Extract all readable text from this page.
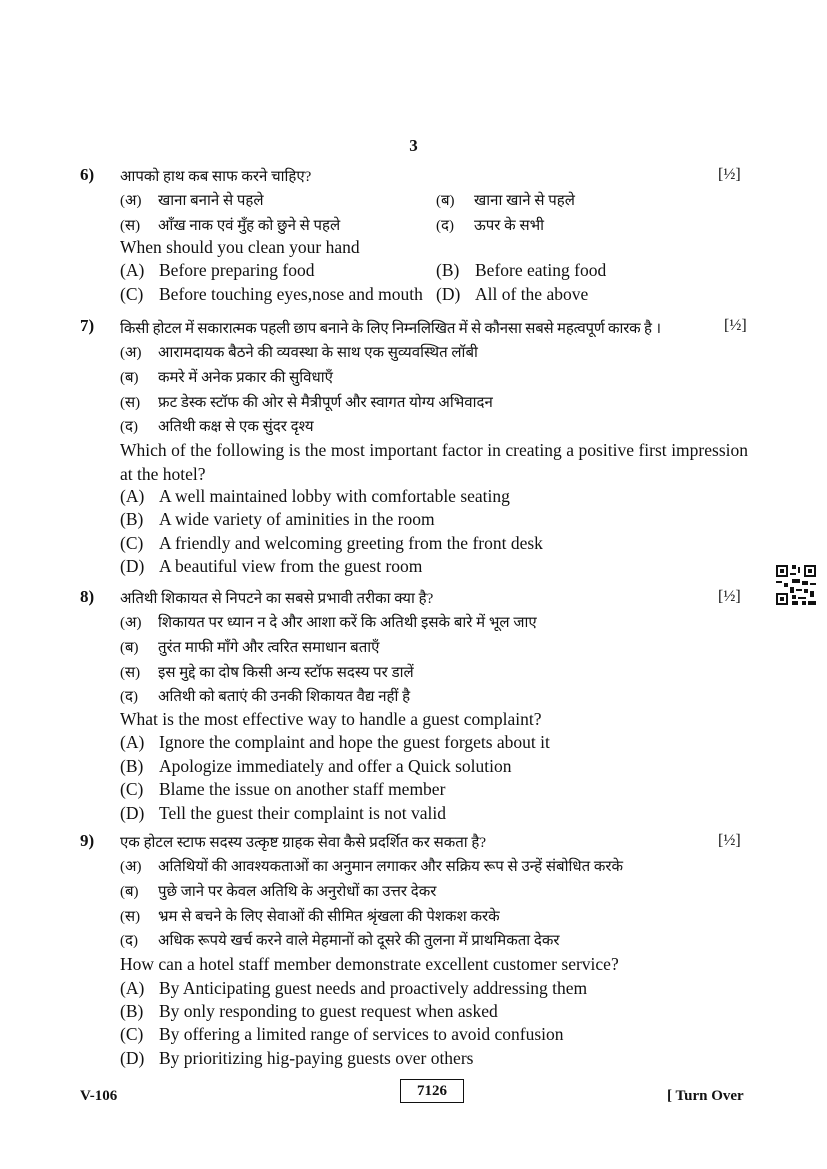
3
6) आपको हाथ कब साफ करने चाहिए?	[½]
(अ) खाना बनाने से पहले	(ब) खाना खाने से पहले
(स) आँख नाक एवं मुँह को छुने से पहले	(द) ऊपर के सभी
When should you clean your hand
(A) Before preparing food	(B) Before eating food
(C) Before touching eyes,nose and mouth (D) All of the above
7) किसी होटल में सकारात्मक पहली छाप बनाने के लिए निम्नलिखित में से कौनसा सबसे महत्वपूर्ण कारक है ।	[½]
(अ) आरामदायक बैठने की व्यवस्था के साथ एक सुव्यवस्थित लॉबी
(ब) कमरे में अनेक प्रकार की सुविधाएँ
(स) फ्रट डेस्क स्टॉफ की ओर से मैत्रीपूर्ण और स्वागत योग्य अभिवादन
(द) अतिथी कक्ष से एक सुंदर दृश्य
Which of the following is the most important factor in creating a positive first impression at the hotel?
(A) A well maintained lobby with comfortable seating
(B) A wide variety of aminities in the room
(C) A friendly and welcoming greeting from the front desk
(D) A beautiful view from the guest room
8) अतिथी शिकायत से निपटने का सबसे प्रभावी तरीका क्या है?	[½]
(अ) शिकायत पर ध्यान न दे और आशा करें कि अतिथी इसके बारे में भूल जाए
(ब) तुरंत माफी माँगे और त्वरित समाधान बताएँ
(स) इस मुद्दे का दोष किसी अन्य स्टॉफ सदस्य पर डालें
(द) अतिथी को बताएं की उनकी शिकायत वैद्य नहीं है
What is the most effective way to handle a guest complaint?
(A) Ignore the complaint and hope the guest forgets about it
(B) Apologize immediately and offer a Quick solution
(C) Blame the issue on another staff member
(D) Tell the guest their complaint is not valid
9) एक होटल स्टाफ सदस्य उत्कृष्ट ग्राहक सेवा कैसे प्रदर्शित कर सकता है?	[½]
(अ) अतिथियों की आवश्यकताओं का अनुमान लगाकर और सक्रिय रूप से उन्हें संबोधित करके
(ब) पुछे जाने पर केवल अतिथि के अनुरोधों का उत्तर देकर
(स) भ्रम से बचने के लिए सेवाओं की सीमित श्रृंखला की पेशकश करके
(द) अधिक रूपये खर्च करने वाले मेहमानों को दूसरे की तुलना में प्राथमिकता देकर
How can a hotel staff member demonstrate excellent customer service?
(A) By Anticipating guest needs and proactively addressing them
(B) By only responding to guest request when asked
(C) By offering a limited range of services to avoid confusion
(D) By prioritizing hig-paying guests over others
V-106	7126	[ Turn Over
